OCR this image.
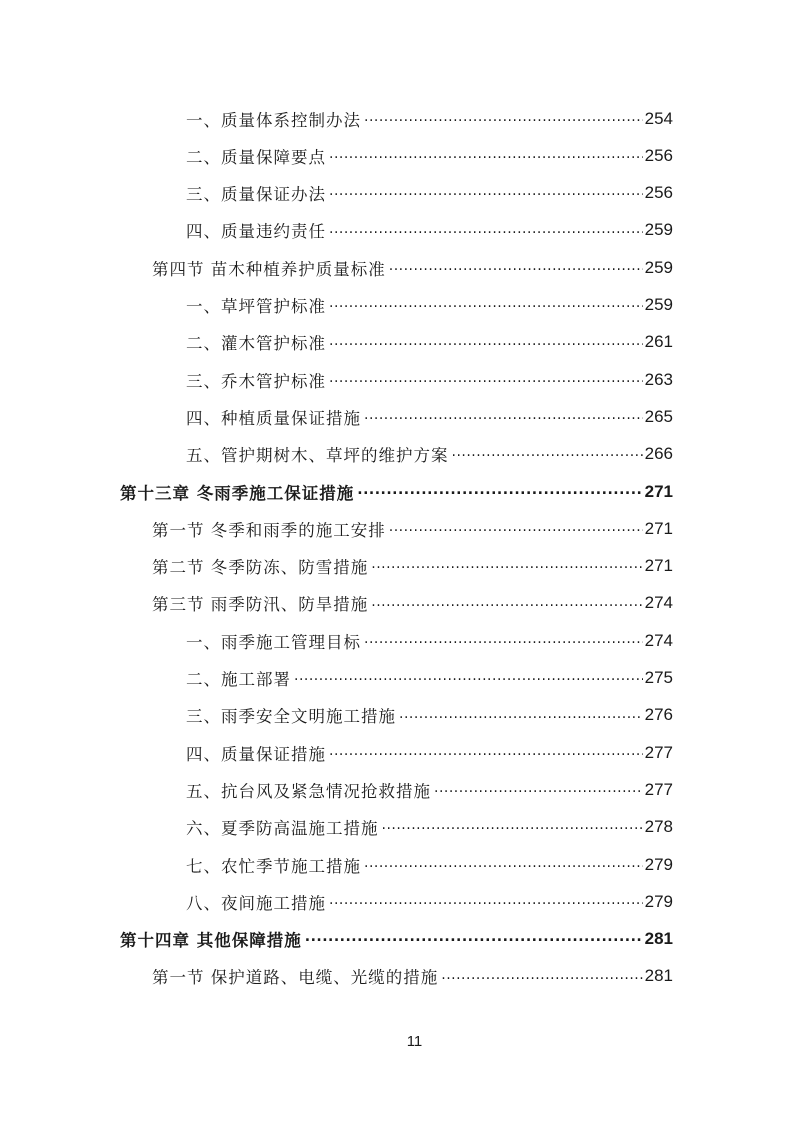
一、质量体系控制办法 .....	254
二、质量保障要点 .....	256
三、质量保证办法 .....	256
四、质量违约责任 .....	259
第四节 苗木种植养护质量标准 .....	259
一、草坪管护标准 .....	259
二、灌木管护标准 .....	261
三、乔木管护标准 .....	263
四、种植质量保证措施 .....	265
五、管护期树木、草坪的维护方案 .....	266
第十三章 冬雨季施工保证措施 .....	271
第一节 冬季和雨季的施工安排 .....	271
第二节 冬季防冻、防雪措施 .....	271
第三节 雨季防汛、防旱措施 .....	274
一、雨季施工管理目标 .....	274
二、施工部署 .....	275
三、雨季安全文明施工措施 .....	276
四、质量保证措施 .....	277
五、抗台风及紧急情况抢救措施 .....	277
六、夏季防高温施工措施 .....	278
七、农忙季节施工措施 .....	279
八、夜间施工措施 .....	279
第十四章 其他保障措施 .....	281
第一节 保护道路、电缆、光缆的措施 .....	281
11
